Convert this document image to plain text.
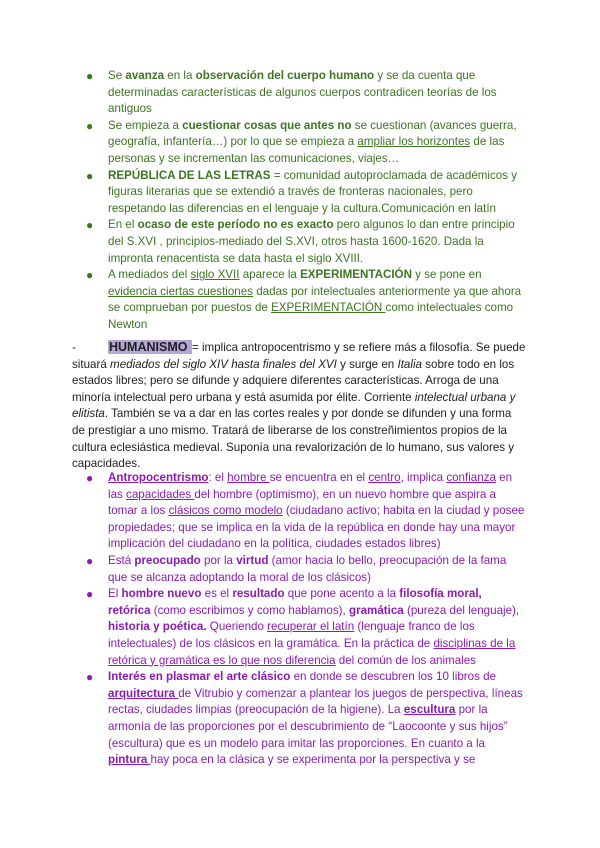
● Se avanza en la observación del cuerpo humano y se da cuenta que determinadas características de algunos cuerpos contradicen teorías de los antiguos
● Se empieza a cuestionar cosas que antes no se cuestionan (avances guerra, geografía, infantería…) por lo que se empieza a ampliar los horizontes de las personas y se incrementan las comunicaciones, viajes…
● REPÚBLICA DE LAS LETRAS = comunidad autoproclamada de académicos y figuras literarias que se extendió a través de fronteras nacionales, pero respetando las diferencias en el lenguaje y la cultura.Comunicación en latín
● En el ocaso de este período no es exacto pero algunos lo dan entre principio del S.XVI , principios-mediado del S.XVI, otros hasta 1600-1620. Dada la impronta renacentista se data hasta el siglo XVIII.
● A mediados del siglo XVII aparece la EXPERIMENTACIÓN y se pone en evidencia ciertas cuestiones dadas por intelectuales anteriormente ya que ahora se comprueban por puestos de EXPERIMENTACIÓN como intelectuales como Newton

-	HUMANISMO = implica antropocentrismo y se refiere más a filosofía. Se puede situará mediados del siglo XIV hasta finales del XVI y surge en Italia sobre todo en los estados libres; pero se difunde y adquiere diferentes características. Arroga de una minoría intelectual pero urbana y está asumida por élite. Corriente intelectual urbana y elitista. También se va a dar en las cortes reales y por donde se difunden y una forma de prestigiar a uno mismo. Tratará de liberarse de los constreñimientos propios de la cultura eclesiástica medieval. Suponía una revalorización de lo humano, sus valores y capacidades.

● Antropocentrismo: el hombre se encuentra en el centro, implica confianza en las capacidades del hombre (optimismo), en un nuevo hombre que aspira a tomar a los clásicos como modelo (ciudadano activo; habita en la ciudad y posee propiedades; que se implica en la vida de la república en donde hay una mayor implicación del ciudadano en la política, ciudades estados libres)
● Está preocupado por la virtud (amor hacia lo bello, preocupación de la fama que se alcanza adoptando la moral de los clásicos)
● El hombre nuevo es el resultado que pone acento a la filosofía moral, retórica (como escribimos y como hablamos), gramática (pureza del lenguaje), historia y poética. Queriendo recuperar el latín (lenguaje franco de los intelectuales) de los clásicos en la gramática. En la práctica de disciplinas de la retórica y gramática es lo que nos diferencia del común de los animales
● Interés en plasmar el arte clásico en donde se descubren los 10 libros de arquitectura de Vitrubio y comenzar a plantear los juegos de perspectiva, líneas rectas, ciudades limpias (preocupación de la higiene). La escultura por la armonía de las proporciones por el descubrimiento de “Laocoonte y sus hijos” (escultura) que es un modelo para imitar las proporciones. En cuanto a la pintura hay poca en la clásica y se experimenta por la perspectiva y se
